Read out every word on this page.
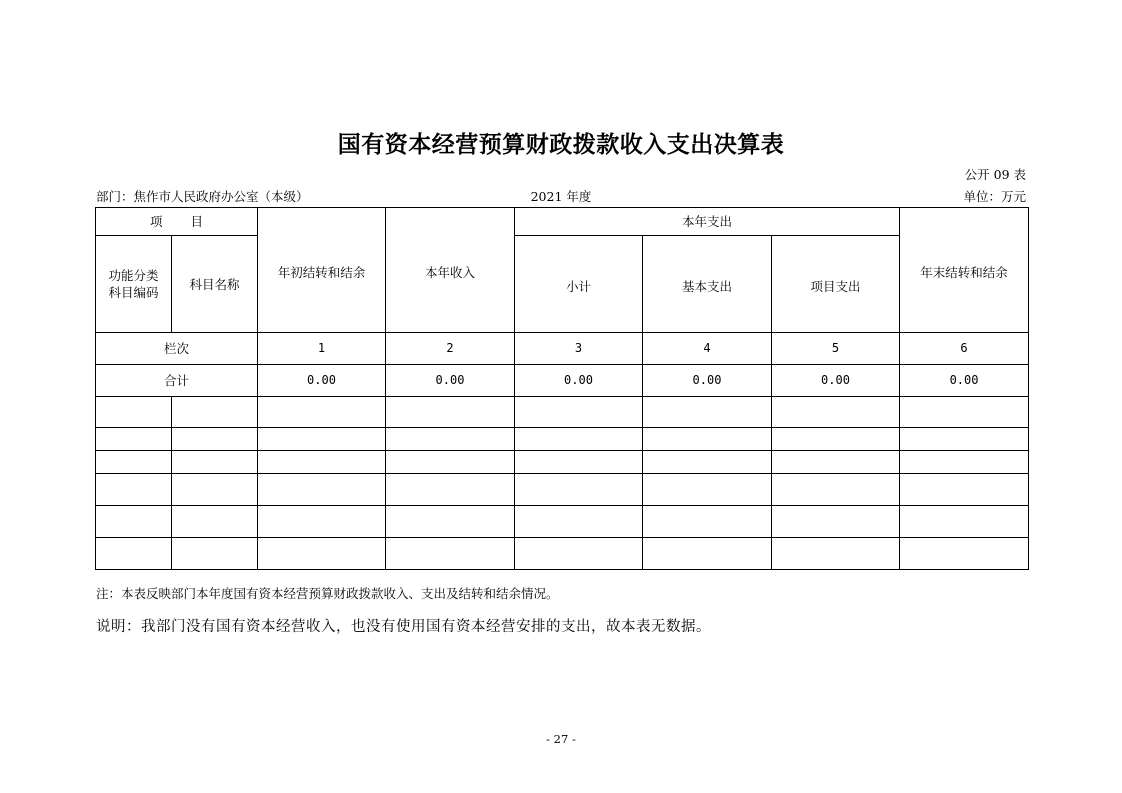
国有资本经营预算财政拨款收入支出决算表
公开 09 表
部门：焦作市人民政府办公室（本级）	2021 年度	单位：万元
项 目		年初结转和结余	本年收入	本年支出			年末结转和结余

功能分类
科目编码	科目名称			小计	基本支出	项目支出	
栏次		1	2	3	4	5	6
合计		0.00	0.00	0.00	0.00	0.00	0.00

注：本表反映部门本年度国有资本经营预算财政拨款收入、支出及结转和结余情况。
说明：我部门没有国有资本经营收入，也没有使用国有资本经营安排的支出，故本表无数据。
- 27 -
